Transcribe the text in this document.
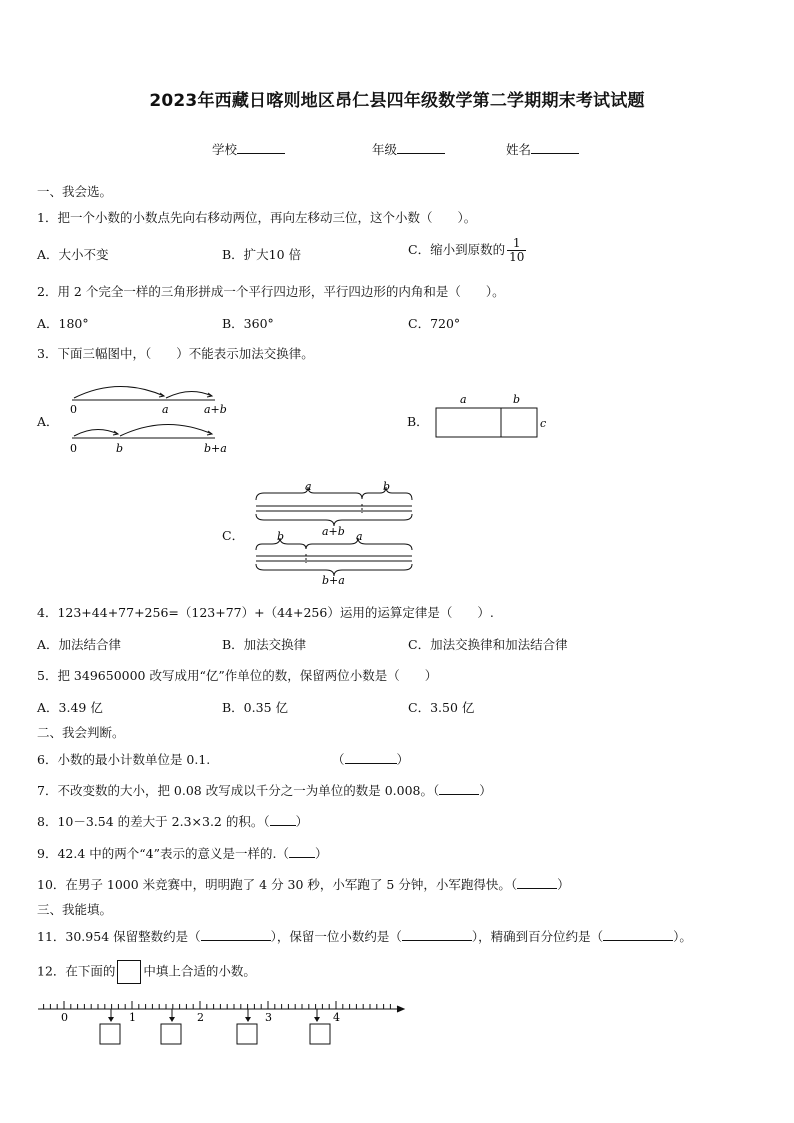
2023年西藏日喀则地区昂仁县四年级数学第二学期期末考试试题
学校	年级	姓名
一、我会选。
1．把一个小数的小数点先向右移动两位，再向左移动三位，这个小数（　　）。
A．大小不变	B．扩大10 倍	C．缩小到原数的 $\frac{1}{10}$
2．用 2 个完全一样的三角形拼成一个平行四边形，平行四边形的内角和是（　　）。
A．180°	B．360°	C．720°
3．下面三幅图中，（　　）不能表示加法交换律。
A．
0	a	a+b
0	b	b+a
B．
a	b
c
C．
a	b
a+b
b	a
b+a
4．123+44+77+256=（123+77）+（44+256）运用的运算定律是（　　）.
A．加法结合律	B．加法交换律	C．加法交换律和加法结合律
5．把 349650000 改写成用“亿”作单位的数，保留两位小数是（　　）
A．3.49 亿	B．0.35 亿	C．3.50 亿
二、我会判断。
6．小数的最小计数单位是 0.1.	（	）
7．不改变数的大小，把 0.08 改写成以千分之一为单位的数是 0.008。（	）
8．10－3.54 的差大于 2.3×3.2 的积。（ ）
9．42.4 中的两个“4”表示的意义是一样的.（ ）
10．在男子 1000 米竞赛中，明明跑了 4 分 30 秒，小军跑了 5 分钟，小军跑得快。（	）
三、我能填。
11．30.954 保留整数约是（	），保留一位小数约是（	），精确到百分位约是（	）。
12．在下面的 中填上合适的小数。
0	1	2	3	4
